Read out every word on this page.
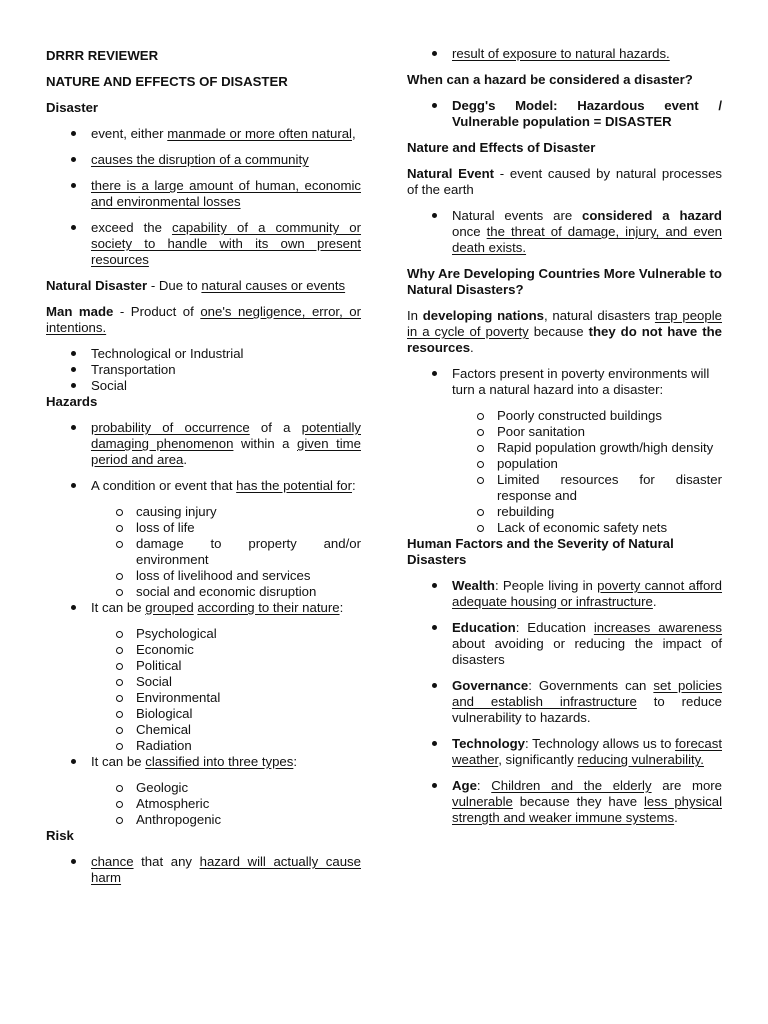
DRRR REVIEWER
NATURE AND EFFECTS OF DISASTER
Disaster
event, either manmade or more often natural,
causes the disruption of a community
there is a large amount of human, economic and environmental losses
exceed the capability of a community or society to handle with its own present resources
Natural Disaster - Due to natural causes or events
Man made - Product of one's negligence, error, or intentions.
Technological or Industrial
Transportation
Social
Hazards
probability of occurrence of a potentially damaging phenomenon within a given time period and area.
A condition or event that has the potential for:
causing injury
loss of life
damage to property and/or environment
loss of livelihood and services
social and economic disruption
It can be grouped according to their nature:
Psychological
Economic
Political
Social
Environmental
Biological
Chemical
Radiation
It can be classified into three types:
Geologic
Atmospheric
Anthropogenic
Risk
chance that any hazard will actually cause harm
result of exposure to natural hazards.
When can a hazard be considered a disaster?
Degg's Model: Hazardous event / Vulnerable population = DISASTER
Nature and Effects of Disaster
Natural Event - event caused by natural processes of the earth
Natural events are considered a hazard once the threat of damage, injury, and even death exists.
Why Are Developing Countries More Vulnerable to Natural Disasters?
In developing nations, natural disasters trap people in a cycle of poverty because they do not have the resources.
Factors present in poverty environments will turn a natural hazard into a disaster:
Poorly constructed buildings
Poor sanitation
Rapid population growth/high density
population
Limited resources for disaster response and
rebuilding
Lack of economic safety nets
Human Factors and the Severity of Natural Disasters
Wealth: People living in poverty cannot afford adequate housing or infrastructure.
Education: Education increases awareness about avoiding or reducing the impact of disasters
Governance: Governments can set policies and establish infrastructure to reduce vulnerability to hazards.
Technology: Technology allows us to forecast weather, significantly reducing vulnerability.
Age: Children and the elderly are more vulnerable because they have less physical strength and weaker immune systems.
